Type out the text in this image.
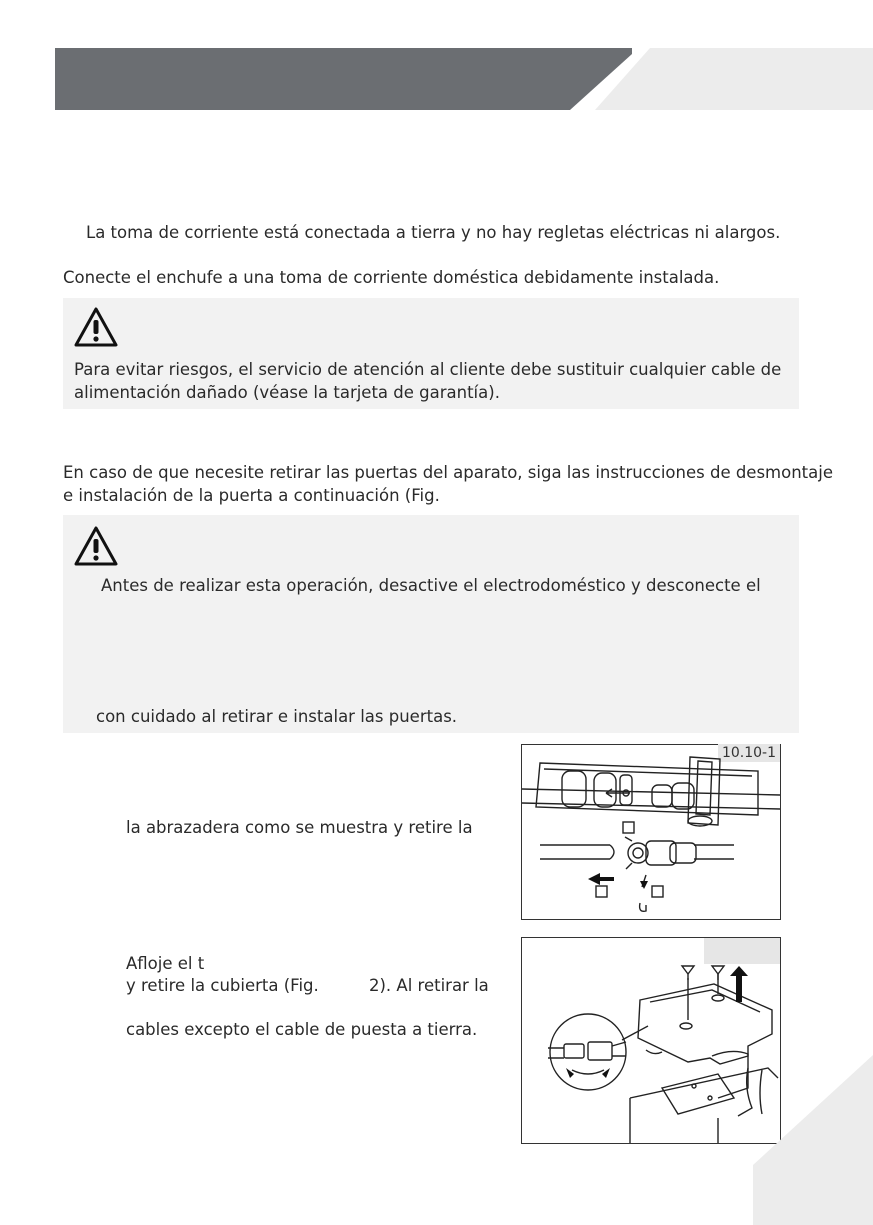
La toma de corriente está conectada a tierra y no hay regletas eléctricas ni alargos.
Conecte el enchufe a una toma de corriente doméstica debidamente instalada.
Para evitar riesgos, el servicio de atención al cliente debe sustituir cualquier cable de
alimentación dañado (véase la tarjeta de garantía).
En caso de que necesite retirar las puertas del aparato, siga las instrucciones de desmontaje
e instalación de la puerta a continuación (Fig.
Antes de realizar esta operación, desactive el electrodoméstico y desconecte el
con cuidado al retirar e instalar las puertas.
la abrazadera como se muestra y retire la
10.10-1
Afloje el t
y retire la cubierta (Fig.	2). Al retirar la
cables excepto el cable de puesta a tierra.
